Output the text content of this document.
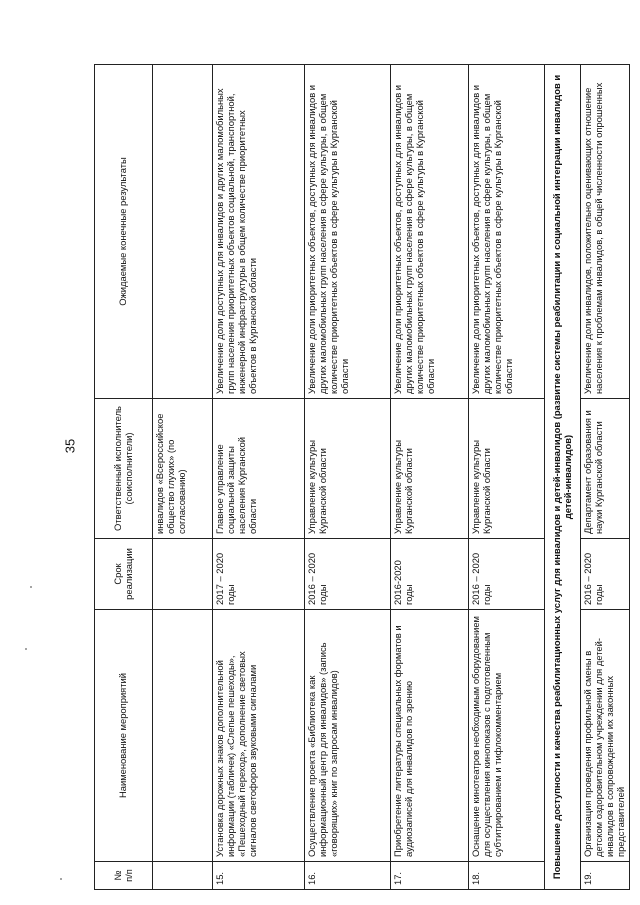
35
№ п/п	Наименование мероприятий	Срок реализации	Ответственный исполнитель (соисполнители)	Ожидаемые конечные результаты
			инвалидов «Всероссийское общество глухих» (по согласованию)	
15.	Установка дорожных знаков дополнительной информации (табличек) «Слепые пешеходы», «Пешеходный переход», дополнение световых сигналов светофоров звуковыми сигналами	2017 – 2020 годы	Главное управление социальной защиты населения Курганской области	Увеличение доли доступных для инвалидов и других маломобильных групп населения приоритетных объектов социальной, транспортной, инженерной инфраструктуры в общем количестве приоритетных объектов в Курганской области
16.	Осуществление проекта «Библиотека как информационный центр для инвалидов» (запись «говорящих» книг по запросам инвалидов)	2016 – 2020 годы	Управление культуры Курганской области	Увеличение доли приоритетных объектов, доступных для инвалидов и других маломобильных групп населения в сфере культуры, в общем количестве приоритетных объектов в сфере культуры в Курганской области
17.	Приобретение литературы специальных форматов и аудиозаписей для инвалидов по зрению	2016-2020 годы	Управление культуры Курганской области	Увеличение доли приоритетных объектов, доступных для инвалидов и других маломобильных групп населения в сфере культуры, в общем количестве приоритетных объектов в сфере культуры в Курганской области
18.	Оснащение кинотеатров необходимым оборудованием для осуществления кинопоказов с подготовленным субтитрированием и тифлокомментарием	2016 – 2020 годы	Управление культуры Курганской области	Увеличение доли приоритетных объектов, доступных для инвалидов и других маломобильных групп населения в сфере культуры, в общем количестве приоритетных объектов в сфере культуры в Курганской области
Повышение доступности и качества реабилитационных услуг для инвалидов и детей-инвалидов (развитие системы реабилитации и социальной интеграции инвалидов и детей-инвалидов)				
19.	Организация проведения профильной смены в детском оздоровительном учреждении для детей-инвалидов в сопровождении их законных представителей	2016 – 2020 годы	Департамент образования и науки Курганской области	Увеличение доли инвалидов, положительно оценивающих отношение населения к проблемам инвалидов, в общей численности опрошенных
